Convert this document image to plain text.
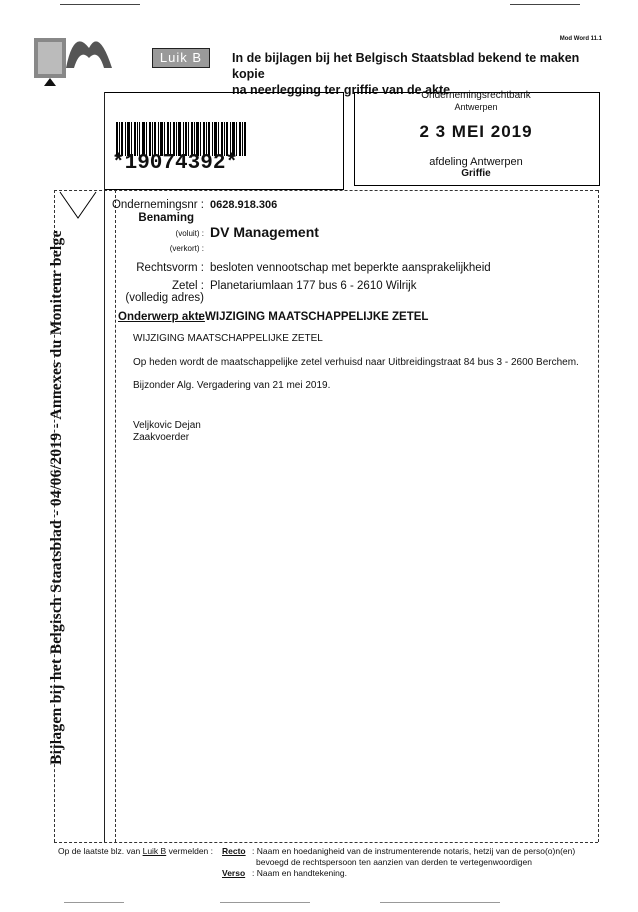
Mod Word 11.1
Luik B	In de bijlagen bij het Belgisch Staatsblad bekend te maken kopie
na neerlegging ter griffie van de akte
*19074392*
Ondernemingsrechtbank
Antwerpen
2 3 MEI 2019
afdeling Antwerpen
Griffie
Bijlagen bij het Belgisch Staatsblad - 04/06/2019 - Annexes du Moniteur belge
Ondernemingsnr : 0628.918.306
Benaming
(voluit) : DV Management
(verkort) :
Rechtsvorm : besloten vennootschap met beperkte aansprakelijkheid
Zetel : Planetariumlaan 177 bus 6 - 2610 Wilrijk
(volledig adres)
Onderwerp akte
: WIJZIGING MAATSCHAPPELIJKE ZETEL
WIJZIGING MAATSCHAPPELIJKE ZETEL
Op heden wordt de maatschappelijke zetel verhuisd naar Uitbreidingstraat 84 bus 3 - 2600 Berchem.
Bijzonder Alg. Vergadering van 21 mei 2019.
Veljkovic Dejan
Zaakvoerder
Op de laatste blz. van Luik B vermelden : Recto : Naam en hoedanigheid van de instrumenterende notaris, hetzij van de perso(o)n(en)
bevoegd de rechtspersoon ten aanzien van derden te vertegenwoordigen
Verso : Naam en handtekening.
